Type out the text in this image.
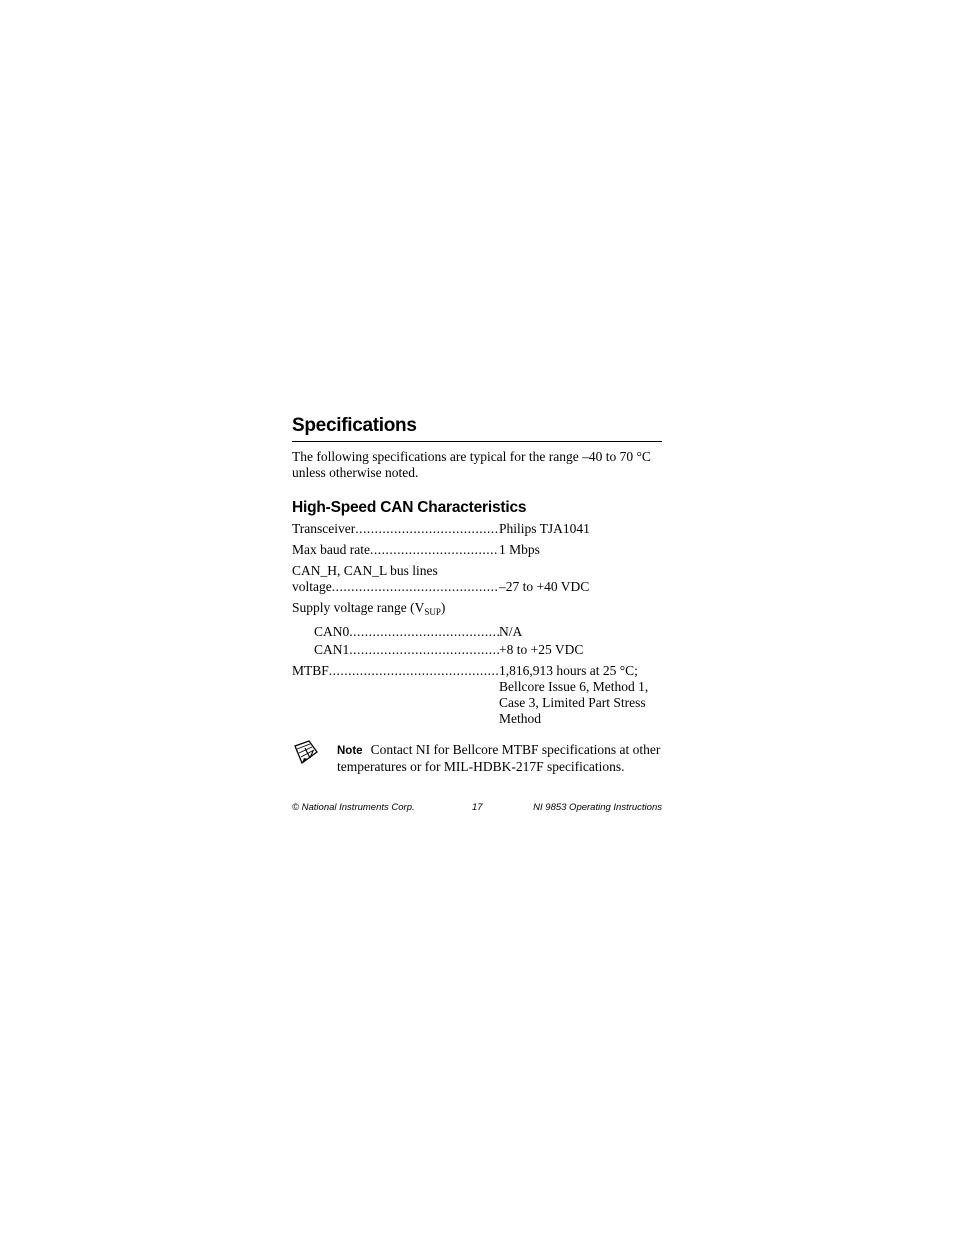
Specifications

The following specifications are typical for the range –40 to 70 °C unless otherwise noted.

High-Speed CAN Characteristics
Transceiver .....	Philips TJA1041
Max baud rate .....	1 Mbps
CAN_H, CAN_L bus lines
voltage .....	–27 to +40 VDC
Supply voltage range $(V_{SUP})$
CAN0 .....	N/A
CAN1 .....	+8 to +25 VDC
MTBF .....	1,816,913 hours at 25 °C; Bellcore Issue 6, Method 1, Case 3, Limited Part Stress Method
Note Contact NI for Bellcore MTBF specifications at other temperatures or for MIL-HDBK-217F specifications.
© National Instruments Corp.	17	NI 9853 Operating Instructions
